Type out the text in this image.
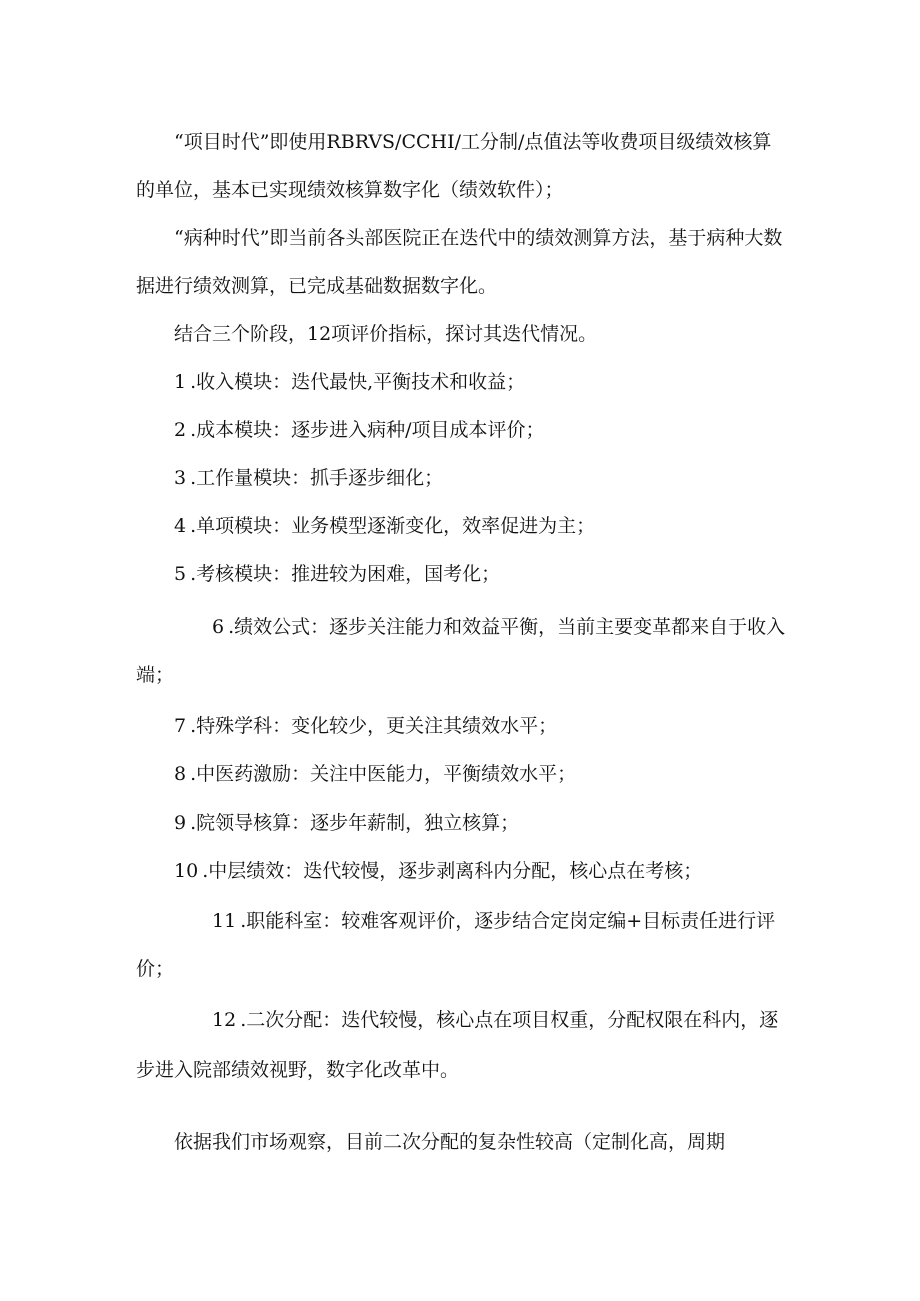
“项目时代”即使用RBRVS/CCHI/工分制/点值法等收费项目级绩效核算的单位，基本已实现绩效核算数字化（绩效软件）；

“病种时代”即当前各头部医院正在迭代中的绩效测算方法，基于病种大数据进行绩效测算，已完成基础数据数字化。

结合三个阶段，12项评价指标，探讨其迭代情况。

1 .收入模块：迭代最快,平衡技术和收益；

2 .成本模块：逐步进入病种/项目成本评价；

3 .工作量模块：抓手逐步细化；

4 .单项模块：业务模型逐渐变化，效率促进为主；

5 .考核模块：推进较为困难，国考化；

6 .绩效公式：逐步关注能力和效益平衡，当前主要变革都来自于收入端；

7 .特殊学科：变化较少，更关注其绩效水平；

8 .中医药激励：关注中医能力，平衡绩效水平；

9 .院领导核算：逐步年薪制，独立核算；

10 .中层绩效：迭代较慢，逐步剥离科内分配，核心点在考核；

11 .职能科室：较难客观评价，逐步结合定岗定编+目标责任进行评价；

12 .二次分配：迭代较慢，核心点在项目权重，分配权限在科内，逐步进入院部绩效视野，数字化改革中。

依据我们市场观察，目前二次分配的复杂性较高（定制化高，周期
